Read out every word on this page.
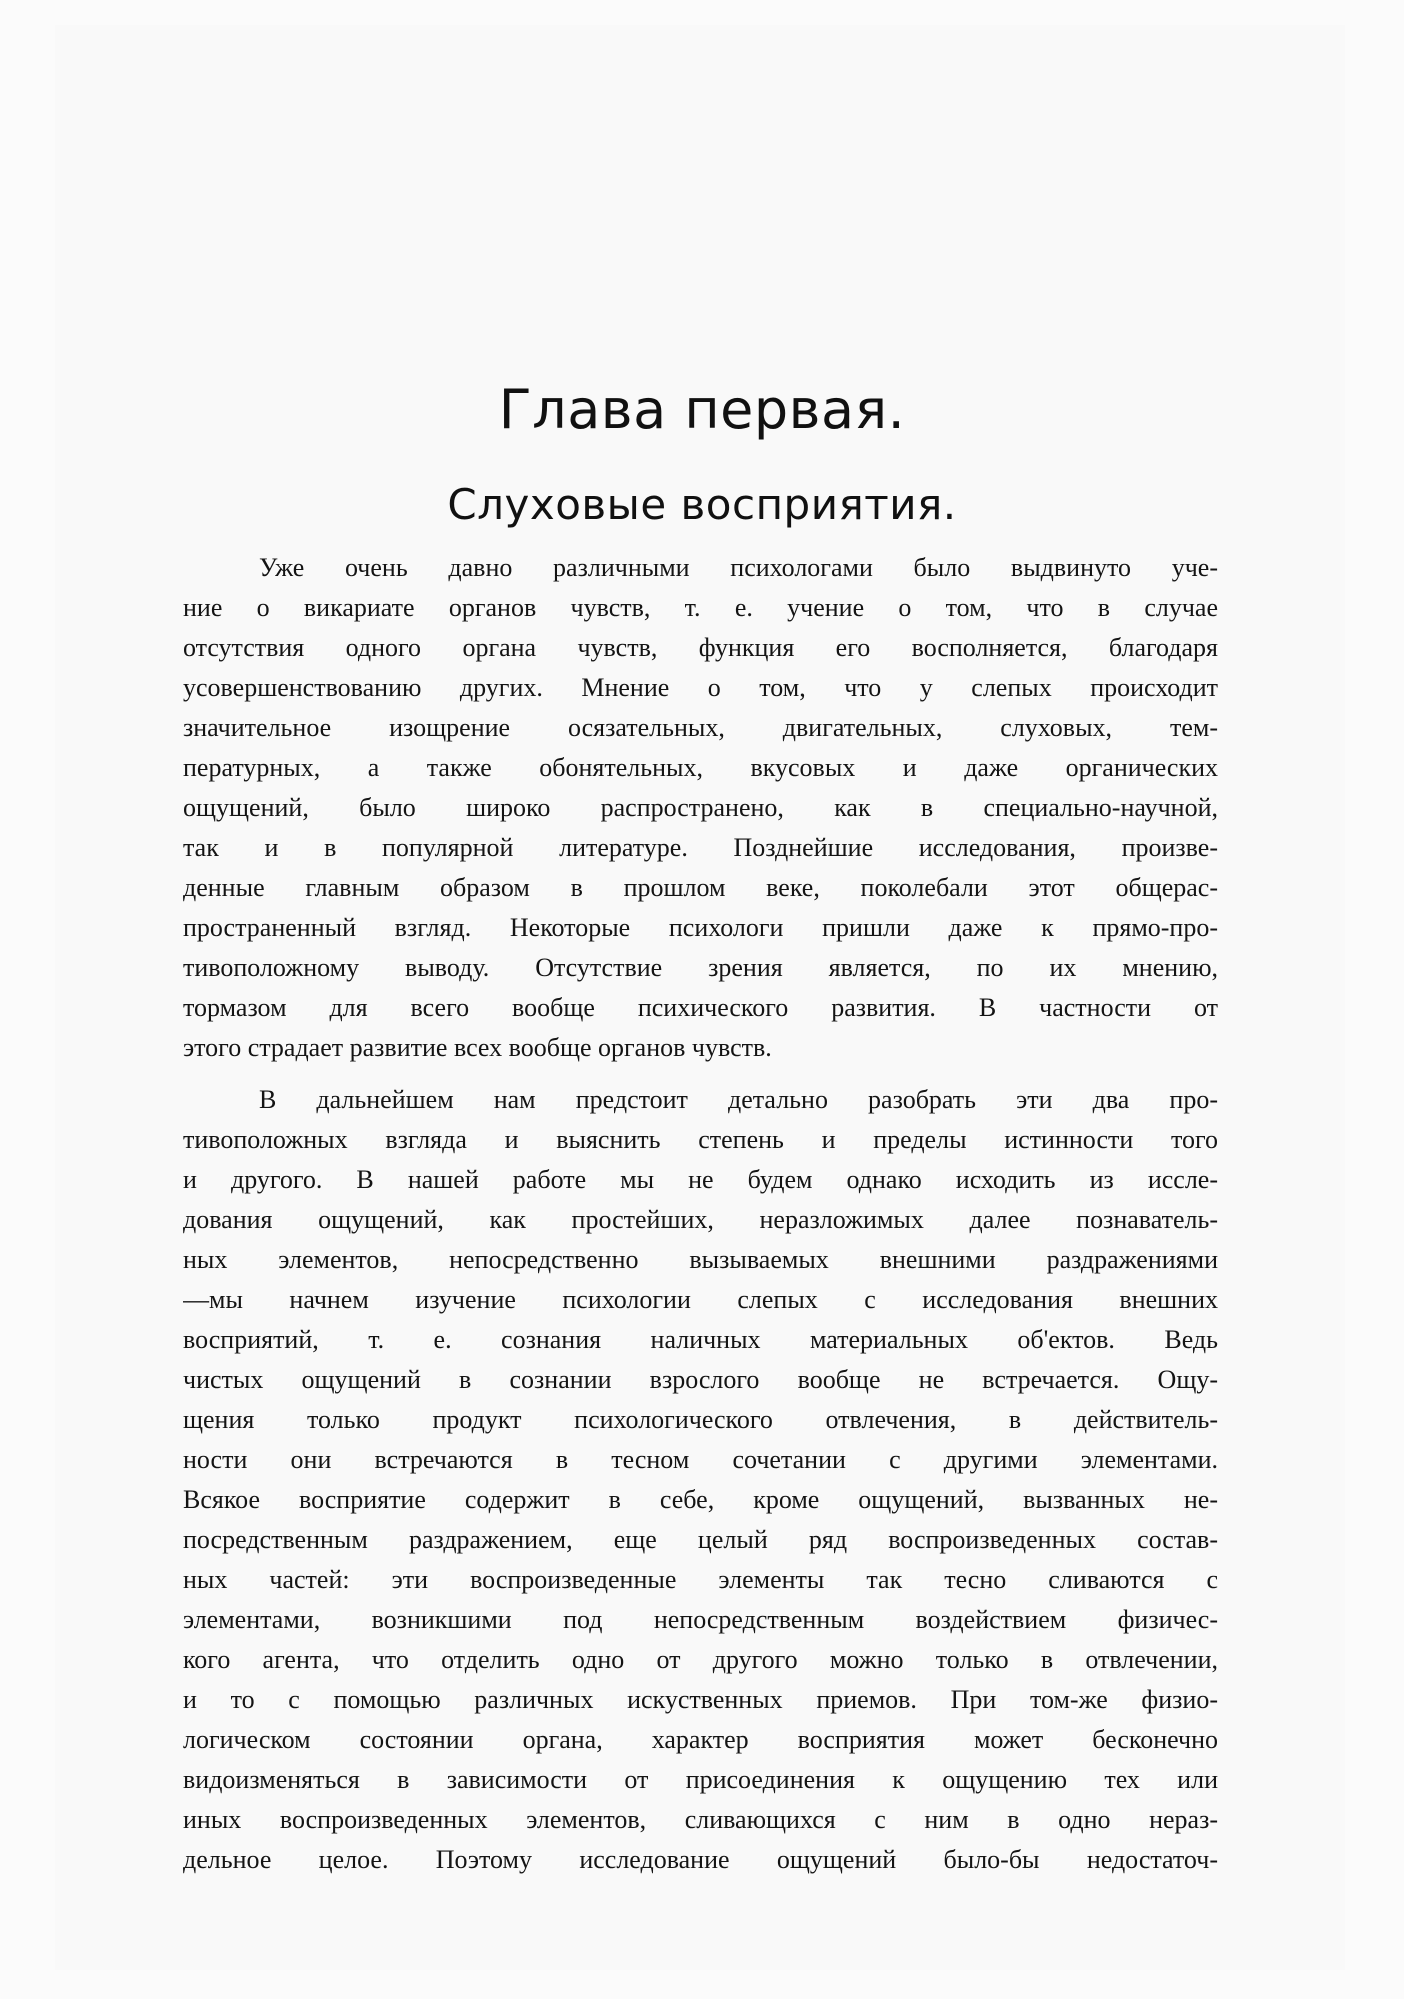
Глава первая.
Слуховые восприятия.
Уже очень давно различными психологами было выдвинуто уче-
ние о викариате органов чувств, т. е. учение о том, что в случае
отсутствия одного органа чувств, функция его восполняется, благодаря
усовершенствованию других. Мнение о том, что у слепых происходит
значительное изощрение осязательных, двигательных, слуховых, тем-
пературных, а также обонятельных, вкусовых и даже органических
ощущений, было широко распространено, как в специально-научной,
так и в популярной литературе. Позднейшие исследования, произве-
денные главным образом в прошлом веке, поколебали этот общерас-
пространенный взгляд. Некоторые психологи пришли даже к прямо-про-
тивоположному выводу. Отсутствие зрения является, по их мнению,
тормазом для всего вообще психического развития. В частности от
этого страдает развитие всех вообще органов чувств.
В дальнейшем нам предстоит детально разобрать эти два про-
тивоположных взгляда и выяснить степень и пределы истинности того
и другого. В нашей работе мы не будем однако исходить из иссле-
дования ощущений, как простейших, неразложимых далее познаватель-
ных элементов, непосредственно вызываемых внешними раздражениями
—мы начнем изучение психологии слепых с исследования внешних
восприятий, т. е. сознания наличных материальных об'ектов. Ведь
чистых ощущений в сознании взрослого вообще не встречается. Ощу-
щения только продукт психологического отвлечения, в действитель-
ности они встречаются в тесном сочетании с другими элементами.
Всякое восприятие содержит в себе, кроме ощущений, вызванных не-
посредственным раздражением, еще целый ряд воспроизведенных состав-
ных частей: эти воспроизведенные элементы так тесно сливаются с
элементами, возникшими под непосредственным воздействием физичес-
кого агента, что отделить одно от другого можно только в отвлечении,
и то с помощью различных искуственных приемов. При том-же физио-
логическом состоянии органа, характер восприятия может бесконечно
видоизменяться в зависимости от присоединения к ощущению тех или
иных воспроизведенных элементов, сливающихся с ним в одно нераз-
дельное целое. Поэтому исследование ощущений было-бы недостаточ-
